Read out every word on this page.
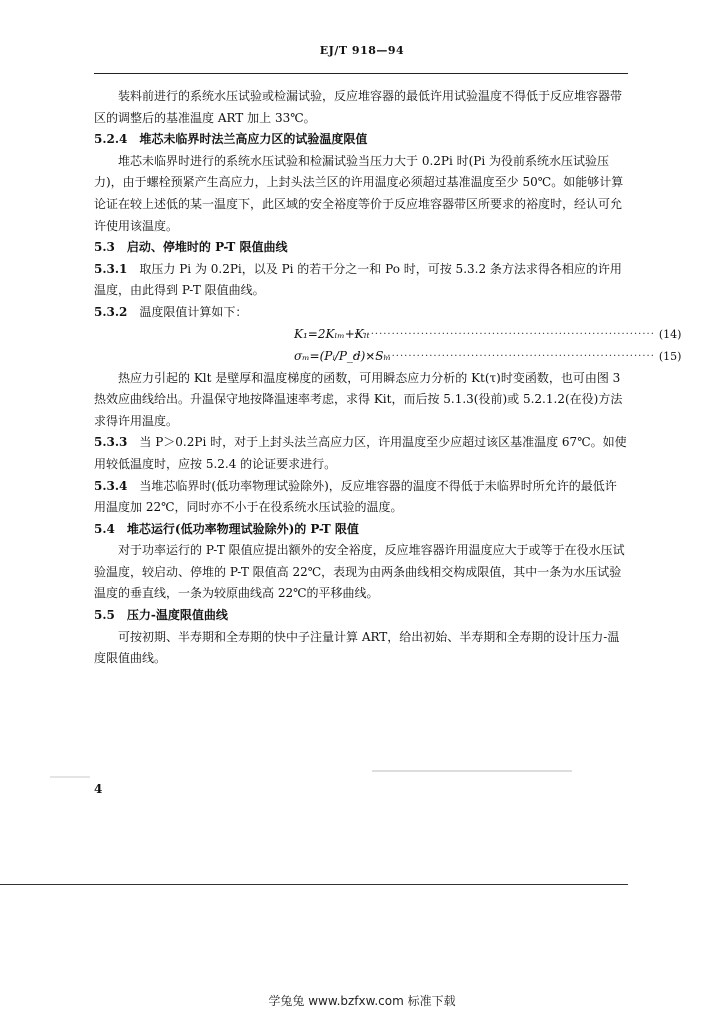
EJ/T 918—94

装料前进行的系统水压试验或检漏试验，反应堆容器的最低许用试验温度不得低于反应堆容器带区的调整后的基准温度 ART 加上 33℃。

5.2.4 堆芯未临界时法兰高应力区的试验温度限值

堆芯未临界时进行的系统水压试验和检漏试验当压力大于 0.2Pi 时(Pi 为役前系统水压试验压力)，由于螺栓预紧产生高应力，上封头法兰区的许用温度必须超过基准温度至少 50℃。如能够计算论证在较上述低的某一温度下，此区域的安全裕度等价于反应堆容器带区所要求的裕度时，经认可允许使用该温度。

5.3 启动、停堆时的 P-T 限值曲线

5.3.1 取压力 Pi 为 0.2Pi，以及 Pi 的若干分之一和 Po 时，可按 5.3.2 条方法求得各相应的许用温度，由此得到 P-T 限值曲线。

5.3.2 温度限值计算如下：

K₁=2Kₗₘ+Kₗₜ
········································································ (14)
σₘ=(Pᵢ/P_d)×Sₘ
········································································ (15)

热应力引起的 Klt 是壁厚和温度梯度的函数，可用瞬态应力分析的 Kt(τ)时变函数，也可由图 3 热效应曲线给出。升温保守地按降温速率考虑，求得 Kit，而后按 5.1.3(役前)或 5.2.1.2(在役)方法求得许用温度。

5.3.3 当 P＞0.2Pi 时，对于上封头法兰高应力区，许用温度至少应超过该区基准温度 67℃。如使用较低温度时，应按 5.2.4 的论证要求进行。

5.3.4 当堆芯临界时(低功率物理试验除外)，反应堆容器的温度不得低于未临界时所允许的最低许用温度加 22℃，同时亦不小于在役系统水压试验的温度。

5.4 堆芯运行(低功率物理试验除外)的 P-T 限值

对于功率运行的 P-T 限值应提出额外的安全裕度，反应堆容器许用温度应大于或等于在役水压试验温度，较启动、停堆的 P-T 限值高 22℃，表现为由两条曲线相交构成限值，其中一条为水压试验温度的垂直线，一条为较原曲线高 22℃的平移曲线。

5.5 压力-温度限值曲线

可按初期、半寿期和全寿期的快中子注量计算 ART，给出初始、半寿期和全寿期的设计压力-温度限值曲线。

4
学兔兔 www.bzfxw.com 标准下载
